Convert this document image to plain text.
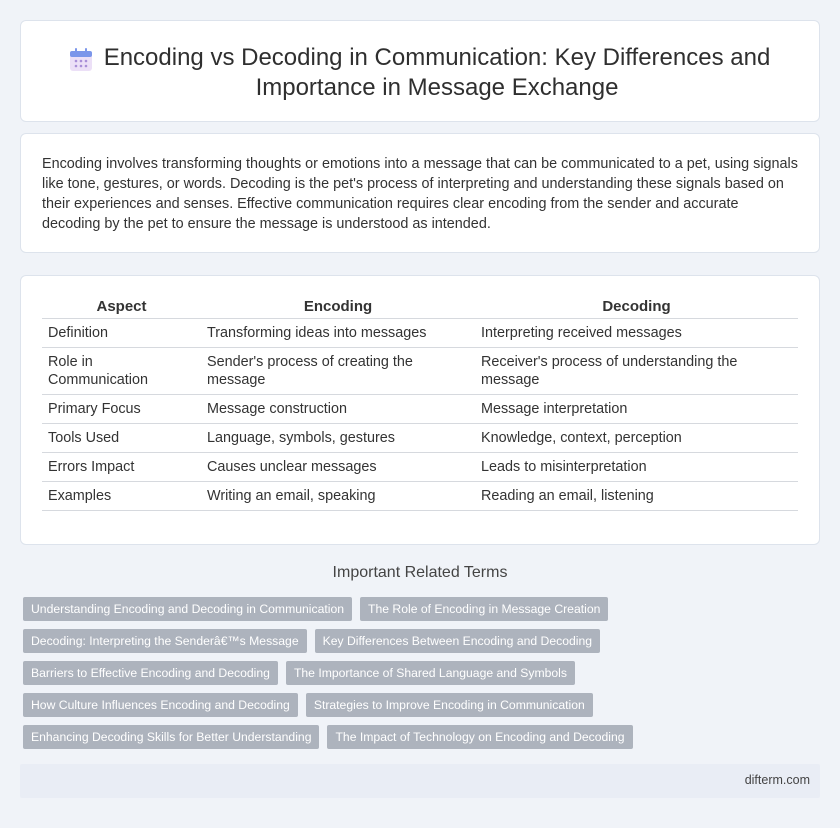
Encoding vs Decoding in Communication: Key Differences and Importance in Message Exchange

Encoding involves transforming thoughts or emotions into a message that can be communicated to a pet, using signals like tone, gestures, or words. Decoding is the pet's process of interpreting and understanding these signals based on their experiences and senses. Effective communication requires clear encoding from the sender and accurate decoding by the pet to ensure the message is understood as intended.

Aspect	Encoding	Decoding
Definition	Transforming ideas into messages	Interpreting received messages
Role in Communication	Sender's process of creating the message	Receiver's process of understanding the message
Primary Focus	Message construction	Message interpretation
Tools Used	Language, symbols, gestures	Knowledge, context, perception
Errors Impact	Causes unclear messages	Leads to misinterpretation
Examples	Writing an email, speaking	Reading an email, listening
Important Related Terms
Understanding Encoding and Decoding in Communication	The Role of Encoding in Message Creation
Decoding: Interpreting the Senderâ€™s Message	Key Differences Between Encoding and Decoding
Barriers to Effective Encoding and Decoding	The Importance of Shared Language and Symbols
How Culture Influences Encoding and Decoding	Strategies to Improve Encoding in Communication
Enhancing Decoding Skills for Better Understanding	The Impact of Technology on Encoding and Decoding
difterm.com
